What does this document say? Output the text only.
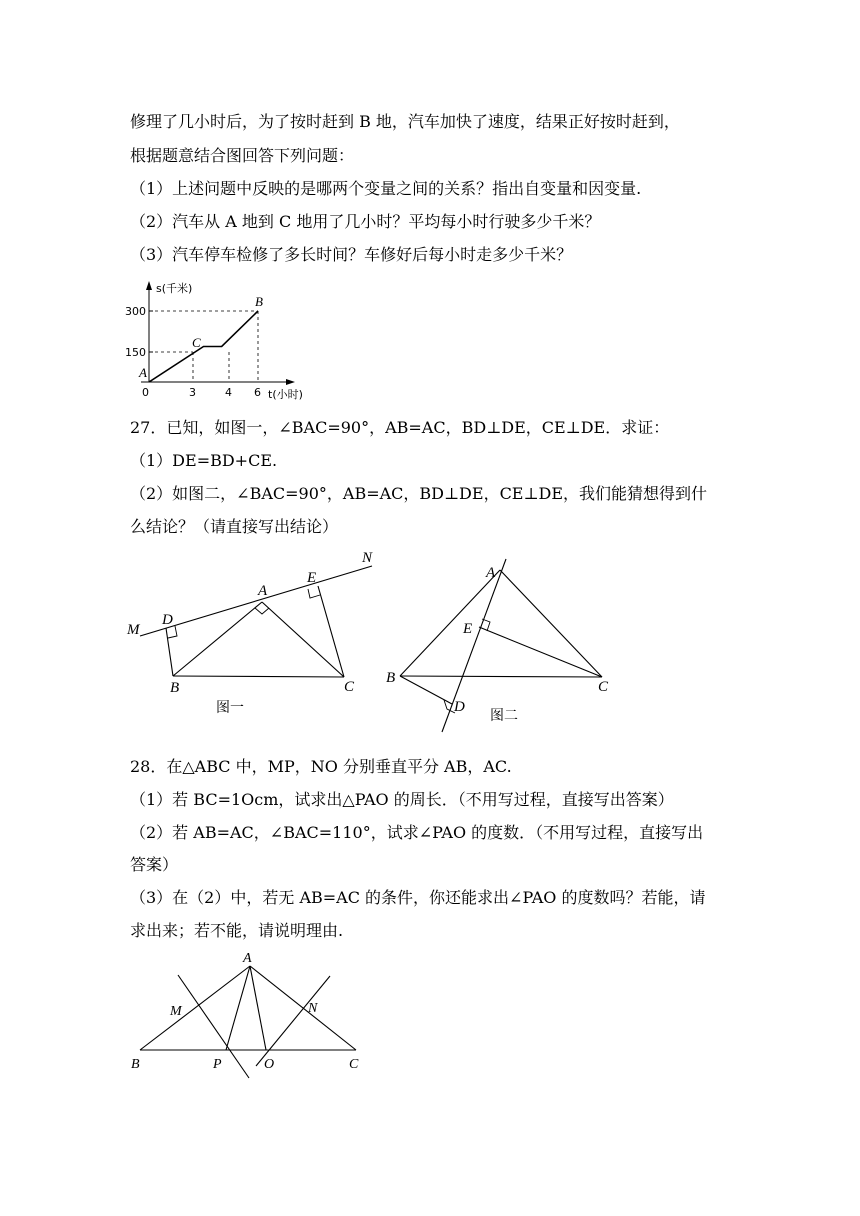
修理了几小时后，为了按时赶到 B 地，汽车加快了速度，结果正好按时赶到，
根据题意结合图回答下列问题：
（1）上述问题中反映的是哪两个变量之间的关系？指出自变量和因变量.
（2）汽车从 A 地到 C 地用了几小时？平均每小时行驶多少千米？
（3）汽车停车检修了多长时间？车修好后每小时走多少千米？
s(千米)
t(小时)
300
150
0	3	4 6
A
C
B
27．已知，如图一，∠BAC=90°，AB=AC，BD⊥DE，CE⊥DE．求证：
（1）DE=BD+CE.
（2）如图二，∠BAC=90°，AB=AC，BD⊥DE，CE⊥DE，我们能猜想得到什
么结论？（请直接写出结论）
M
N
A
E
D
B	C
图一
A
E
B
C
D
图二
28．在△ABC 中，MP，NO 分别垂直平分 AB，AC.
（1）若 BC=1Ocm，试求出△PAO 的周长．（不用写过程，直接写出答案）
（2）若 AB=AC，∠BAC=110°，试求∠PAO 的度数．（不用写过程，直接写出
答案）
（3）在（2）中，若无 AB=AC 的条件，你还能求出∠PAO 的度数吗？若能，请
求出来；若不能，请说明理由.
A
M	N
B	P	O	C
